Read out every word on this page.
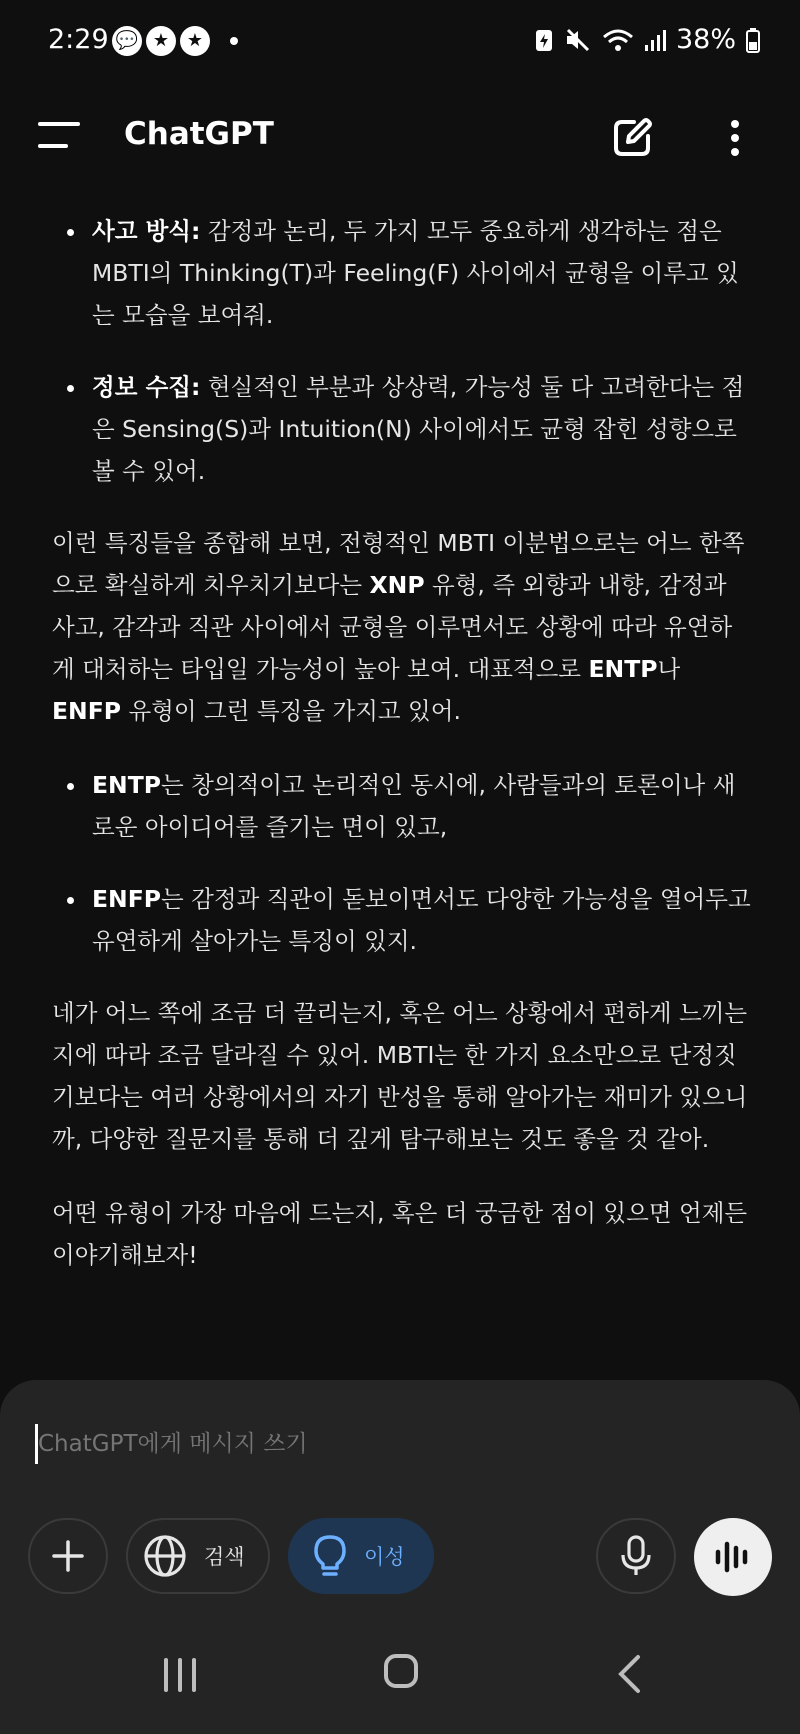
2:29 💬 ★ ★	38%
ChatGPT
• 사고 방식: 감정과 논리, 두 가지 모두 중요하게 생각하는 점은 MBTI의 Thinking(T)과 Feeling(F) 사이에서 균형을 이루고 있는 모습을 보여줘.
• 정보 수집: 현실적인 부분과 상상력, 가능성 둘 다 고려한다는 점은 Sensing(S)과 Intuition(N) 사이에서도 균형 잡힌 성향으로 볼 수 있어.

이런 특징들을 종합해 보면, 전형적인 MBTI 이분법으로는 어느 한쪽으로 확실하게 치우치기보다는 XNP 유형, 즉 외향과 내향, 감정과 사고, 감각과 직관 사이에서 균형을 이루면서도 상황에 따라 유연하게 대처하는 타입일 가능성이 높아 보여. 대표적으로 ENTP나 ENFP 유형이 그런 특징을 가지고 있어.

• ENTP는 창의적이고 논리적인 동시에, 사람들과의 토론이나 새로운 아이디어를 즐기는 면이 있고,
• ENFP는 감정과 직관이 돋보이면서도 다양한 가능성을 열어두고 유연하게 살아가는 특징이 있지.

네가 어느 쪽에 조금 더 끌리는지, 혹은 어느 상황에서 편하게 느끼는지에 따라 조금 달라질 수 있어. MBTI는 한 가지 요소만으로 단정짓기보다는 여러 상황에서의 자기 반성을 통해 알아가는 재미가 있으니까, 다양한 질문지를 통해 더 깊게 탐구해보는 것도 좋을 것 같아.

어떤 유형이 가장 마음에 드는지, 혹은 더 궁금한 점이 있으면 언제든 이야기해보자!

ChatGPT에게 메시지 쓰기
검색	이성
